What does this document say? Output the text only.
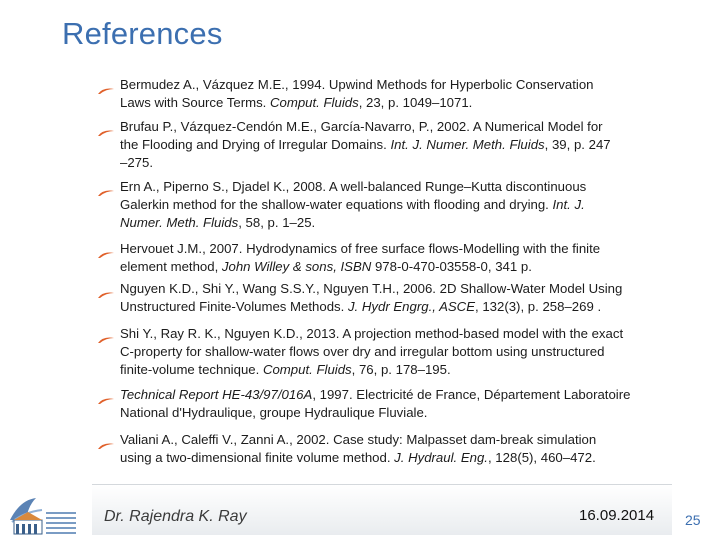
References
Bermudez A., Vázquez M.E., 1994. Upwind Methods for Hyperbolic Conservation
Laws with Source Terms. Comput. Fluids, 23, p. 1049–1071.
Brufau P., Vázquez-Cendón M.E., García-Navarro, P., 2002. A Numerical Model for
the Flooding and Drying of Irregular Domains. Int. J. Numer. Meth. Fluids, 39, p. 247
–275.
Ern A., Piperno S., Djadel K., 2008. A well-balanced Runge–Kutta discontinuous
Galerkin method for the shallow-water equations with flooding and drying. Int. J.
Numer. Meth. Fluids, 58, p. 1–25.
Hervouet J.M., 2007. Hydrodynamics of free surface flows-Modelling with the finite
element method, John Willey & sons, ISBN 978-0-470-03558-0, 341 p.
Nguyen K.D., Shi Y., Wang S.S.Y., Nguyen T.H., 2006. 2D Shallow-Water Model Using
Unstructured Finite-Volumes Methods. J. Hydr Engrg., ASCE, 132(3), p. 258–269 .
Shi Y., Ray R. K., Nguyen K.D., 2013. A projection method-based model with the exact
C-property for shallow-water flows over dry and irregular bottom using unstructured
finite-volume technique. Comput. Fluids, 76, p. 178–195.
Technical Report HE-43/97/016A, 1997. Electricité de France, Département Laboratoire
National d'Hydraulique, groupe Hydraulique Fluviale.
Valiani A., Caleffi V., Zanni A., 2002. Case study: Malpasset dam-break simulation
using a two-dimensional finite volume method. J. Hydraul. Eng., 128(5), 460–472.
Dr. Rajendra K. Ray	16.09.2014 25
